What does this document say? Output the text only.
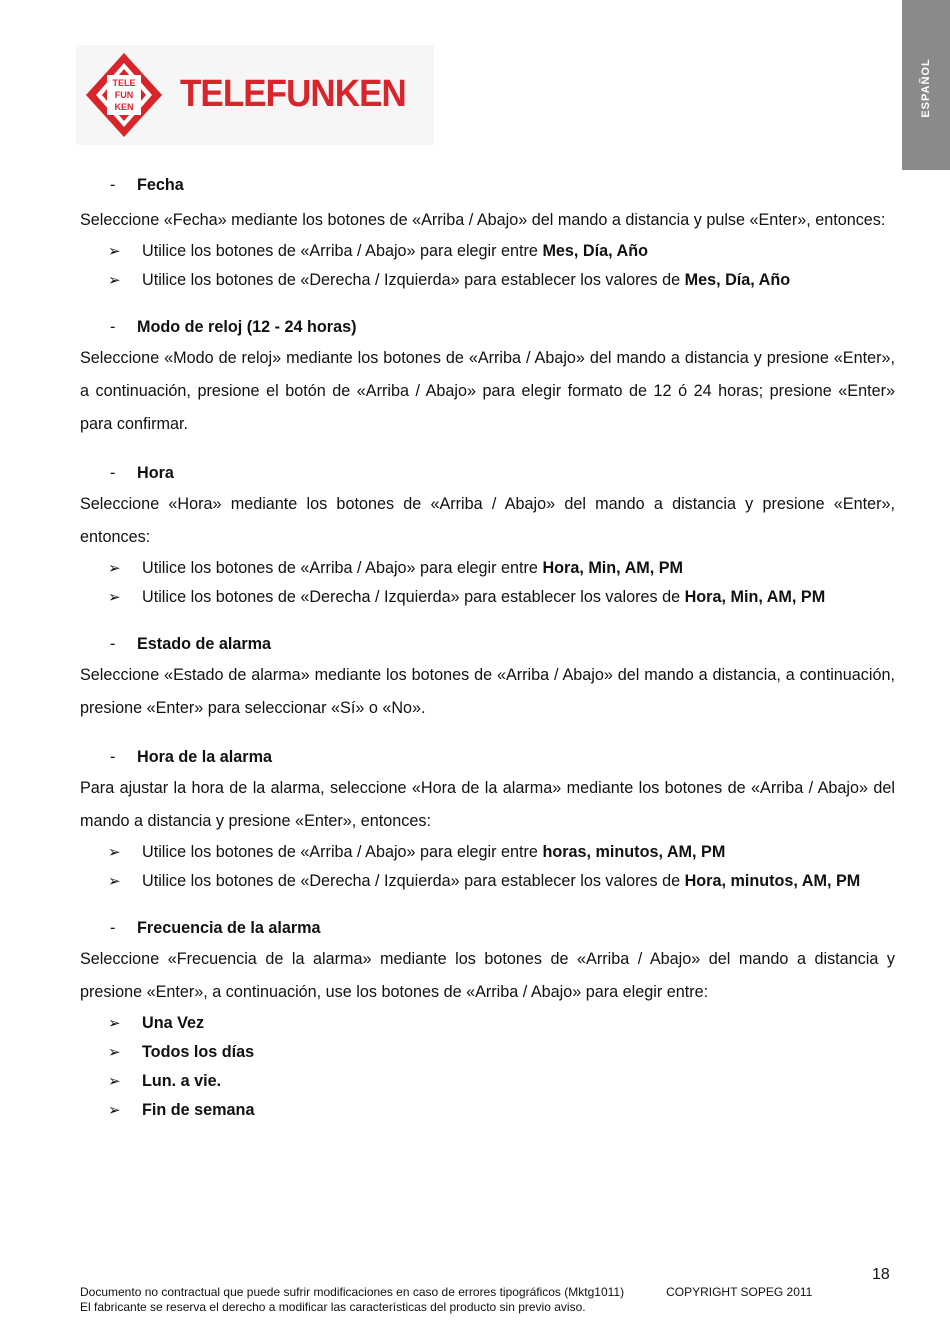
ESPAÑOL
TELE
FUN
KEN TELEFUNKEN
-	Fecha
Seleccione «Fecha» mediante los botones de «Arriba / Abajo» del mando a distancia y pulse «Enter», entonces:
➢	Utilice los botones de «Arriba / Abajo» para elegir entre Mes, Día, Año
➢	Utilice los botones de «Derecha / Izquierda» para establecer los valores de Mes, Día, Año
-	Modo de reloj (12 - 24 horas)
Seleccione «Modo de reloj» mediante los botones de «Arriba / Abajo» del mando a distancia y presione «Enter», a continuación, presione el botón de «Arriba / Abajo» para elegir formato de 12 ó 24 horas; presione «Enter» para confirmar.
-	Hora
Seleccione «Hora» mediante los botones de «Arriba / Abajo» del mando a distancia y presione «Enter», entonces:
➢	Utilice los botones de «Arriba / Abajo» para elegir entre Hora, Min, AM, PM
➢	Utilice los botones de «Derecha / Izquierda» para establecer los valores de Hora, Min, AM, PM
-	Estado de alarma
Seleccione «Estado de alarma» mediante los botones de «Arriba / Abajo» del mando a distancia, a continuación, presione «Enter» para seleccionar «Sí» o «No».
-	Hora de la alarma
Para ajustar la hora de la alarma, seleccione «Hora de la alarma» mediante los botones de «Arriba / Abajo» del mando a distancia y presione «Enter», entonces:
➢	Utilice los botones de «Arriba / Abajo» para elegir entre horas, minutos, AM, PM
➢	Utilice los botones de «Derecha / Izquierda» para establecer los valores de Hora, minutos, AM, PM
-	Frecuencia de la alarma
Seleccione «Frecuencia de la alarma» mediante los botones de «Arriba / Abajo» del mando a distancia y presione «Enter», a continuación, use los botones de «Arriba / Abajo» para elegir entre:
➢	Una Vez
➢	Todos los días
➢	Lun. a vie.
➢	Fin de semana
18
Documento no contractual que puede sufrir modificaciones en caso de errores tipográficos (Mktg1011)	COPYRIGHT SOPEG 2011
El fabricante se reserva el derecho a modificar las características del producto sin previo aviso.
